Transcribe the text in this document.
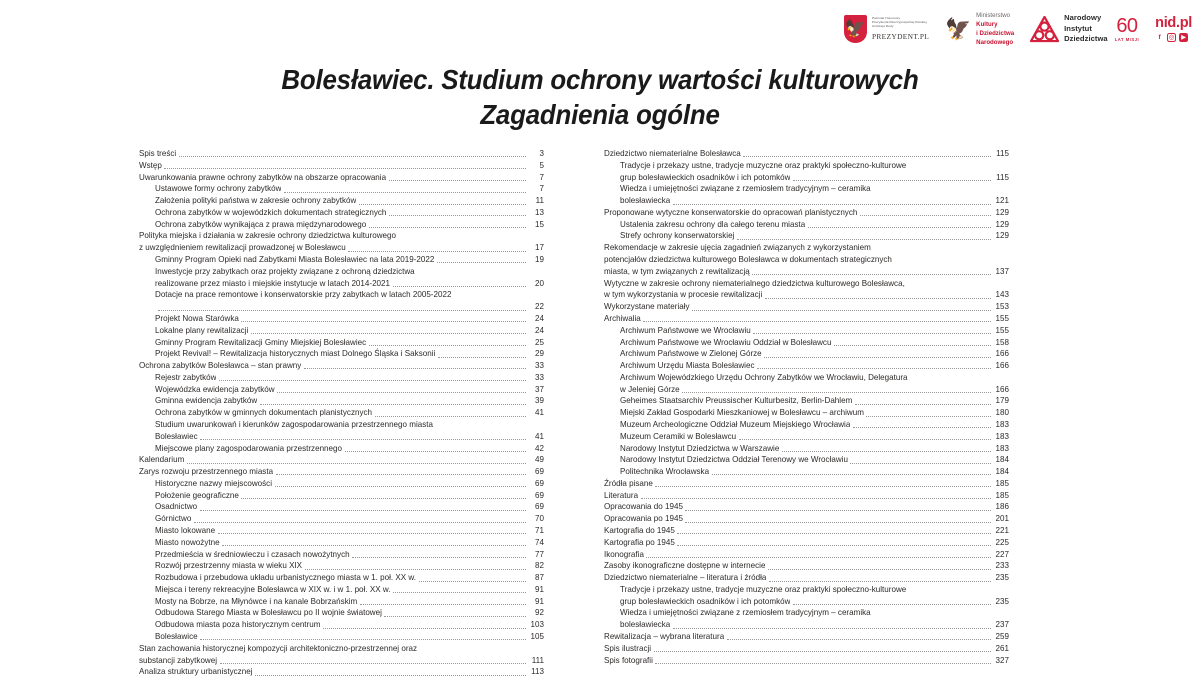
🦅
Patronat Honorowy
Prezydenta Rzeczypospolitej Polskiej
Andrzeja Dudy
PREZYDENT.PL 🦅
Ministerstwo
Kultury
i Dziedzictwa
Narodowego
Narodowy
Instytut
Dziedzictwa
60
LAT MISJI
nid.pl
f ◎	▶
Bolesławiec. Studium ochrony wartości kulturowych
Zagadnienia ogólne
Spis treści	3
Wstęp	5
Uwarunkowania prawne ochrony zabytków na obszarze opracowania	7
Ustawowe formy ochrony zabytków	7
Założenia polityki państwa w zakresie ochrony zabytków	11
Ochrona zabytków w wojewódzkich dokumentach strategicznych	13
Ochrona zabytków wynikająca z prawa międzynarodowego	15
Polityka miejska i działania w zakresie ochrony dziedzictwa kulturowego
z uwzględnieniem rewitalizacji prowadzonej w Bolesławcu	17
Gminny Program Opieki nad Zabytkami Miasta Bolesławiec na lata 2019-2022	19
Inwestycje przy zabytkach oraz projekty związane z ochroną dziedzictwa
realizowane przez miasto i miejskie instytucje w latach 2014-2021	20
Dotacje na prace remontowe i konserwatorskie przy zabytkach w latach 2005-2022
22
Projekt Nowa Starówka	24
Lokalne plany rewitalizacji	24
Gminny Program Rewitalizacji Gminy Miejskiej Bolesławiec	25
Projekt Revival! – Rewitalizacja historycznych miast Dolnego Śląska i Saksonii	29
Ochrona zabytków Bolesławca – stan prawny	33
Rejestr zabytków	33
Wojewódzka ewidencja zabytków	37
Gminna ewidencja zabytków	39
Ochrona zabytków w gminnych dokumentach planistycznych	41
Studium uwarunkowań i kierunków zagospodarowania przestrzennego miasta
Bolesławiec	41
Miejscowe plany zagospodarowania przestrzennego	42
Kalendarium	49
Zarys rozwoju przestrzennego miasta	69
Historyczne nazwy miejscowości	69
Położenie geograficzne	69
Osadnictwo	69
Górnictwo	70
Miasto lokowane	71
Miasto nowożytne	74
Przedmieścia w średniowieczu i czasach nowożytnych	77
Rozwój przestrzenny miasta w wieku XIX	82
Rozbudowa i przebudowa układu urbanistycznego miasta w 1. poł. XX w.	87
Miejsca i tereny rekreacyjne Bolesławca w XIX w. i w 1. poł. XX w.	91
Mosty na Bobrze, na Młynówce i na kanale Bobrzańskim	91
Odbudowa Starego Miasta w Bolesławcu po II wojnie światowej	92
Odbudowa miasta poza historycznym centrum	103
Bolesławice	105
Stan zachowania historycznej kompozycji architektoniczno-przestrzennej oraz
substancji zabytkowej	111
Analiza struktury urbanistycznej	113
Dziedzictwo niematerialne Bolesławca	115
Tradycje i przekazy ustne, tradycje muzyczne oraz praktyki społeczno-kulturowe
grup bolesławieckich osadników i ich potomków	115
Wiedza i umiejętności związane z rzemiosłem tradycyjnym – ceramika
bolesławiecka	121
Proponowane wytyczne konserwatorskie do opracowań planistycznych	129
Ustalenia zakresu ochrony dla całego terenu miasta	129
Strefy ochrony konserwatorskiej	129
Rekomendacje w zakresie ujęcia zagadnień związanych z wykorzystaniem
potencjałów dziedzictwa kulturowego Bolesławca w dokumentach strategicznych
miasta, w tym związanych z rewitalizacją	137
Wytyczne w zakresie ochrony niematerialnego dziedzictwa kulturowego Bolesławca,
w tym wykorzystania w procesie rewitalizacji	143
Wykorzystane materiały	153
Archiwalia	155
Archiwum Państwowe we Wrocławiu	155
Archiwum Państwowe we Wrocławiu Oddział w Bolesławcu	158
Archiwum Państwowe w Zielonej Górze	166
Archiwum Urzędu Miasta Bolesławiec	166
Archiwum Wojewódzkiego Urzędu Ochrony Zabytków we Wrocławiu, Delegatura
w Jeleniej Górze	166
Geheimes Staatsarchiv Preussischer Kulturbesitz, Berlin-Dahlem	179
Miejski Zakład Gospodarki Mieszkaniowej w Bolesławcu – archiwum	180
Muzeum Archeologiczne Oddział Muzeum Miejskiego Wrocławia	183
Muzeum Ceramiki w Bolesławcu	183
Narodowy Instytut Dziedzictwa w Warszawie	183
Narodowy Instytut Dziedzictwa Oddział Terenowy we Wrocławiu	184
Politechnika Wrocławska	184
Źródła pisane	185
Literatura	185
Opracowania do 1945	186
Opracowania po 1945	201
Kartografia do 1945	221
Kartografia po 1945	225
Ikonografia	227
Zasoby ikonograficzne dostępne w internecie	233
Dziedzictwo niematerialne – literatura i źródła	235
Tradycje i przekazy ustne, tradycje muzyczne oraz praktyki społeczno-kulturowe
grup bolesławieckich osadników i ich potomków	235
Wiedza i umiejętności związane z rzemiosłem tradycyjnym – ceramika
bolesławiecka	237
Rewitalizacja – wybrana literatura	259
Spis ilustracji	261
Spis fotografii	327
